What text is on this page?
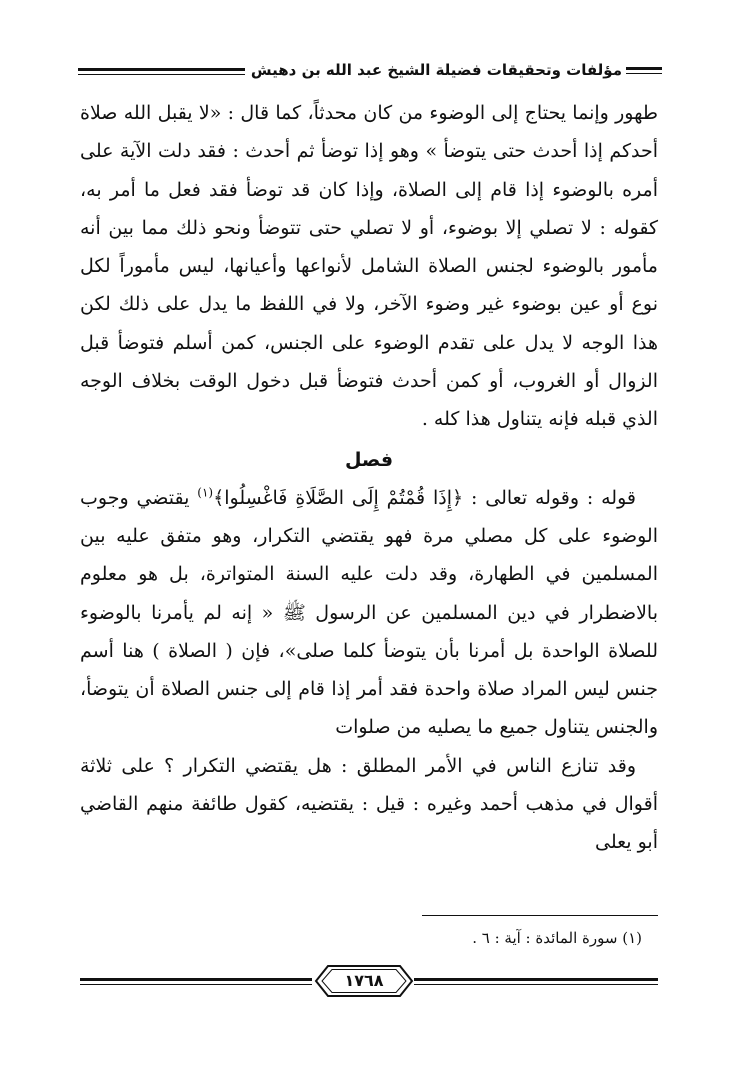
مؤلفات وتحقيقات فضيلة الشيخ عبد الله بن دهيش

طهور وإنما يحتاج إلى الوضوء من كان محدثاً، كما قال : «لا يقبل الله صلاة أحدكم إذا أحدث حتى يتوضأ » وهو إذا توضأ ثم أحدث : فقد دلت الآية على أمره بالوضوء إذا قام إلى الصلاة، وإذا كان قد توضأ فقد فعل ما أمر به، كقوله : لا تصلي إلا بوضوء، أو لا تصلي حتى تتوضأ ونحو ذلك مما بين أنه مأمور بالوضوء لجنس الصلاة الشامل لأنواعها وأعيانها، ليس مأموراً لكل نوع أو عين بوضوء غير وضوء الآخر، ولا في اللفظ ما يدل على ذلك لكن هذا الوجه لا يدل على تقدم الوضوء على الجنس، كمن أسلم فتوضأ قبل الزوال أو الغروب، أو كمن أحدث فتوضأ قبل دخول الوقت بخلاف الوجه الذي قبله فإنه يتناول هذا كله .

فصل

قوله : وقوله تعالى : ﴿إِذَا قُمْتُمْ إِلَى الصَّلَاةِ فَاغْسِلُوا﴾$^{(١)}$ يقتضي وجوب الوضوء على كل مصلي مرة فهو يقتضي التكرار، وهو متفق عليه بين المسلمين في الطهارة، وقد دلت عليه السنة المتواترة، بل هو معلوم بالاضطرار في دين المسلمين عن الرسول ﷺ « إنه لم يأمرنا بالوضوء للصلاة الواحدة بل أمرنا بأن يتوضأ كلما صلى»، فإن ( الصلاة ) هنا أسم جنس ليس المراد صلاة واحدة فقد أمر إذا قام إلى جنس الصلاة أن يتوضأ، والجنس يتناول جميع ما يصليه من صلوات

وقد تنازع الناس في الأمر المطلق : هل يقتضي التكرار ؟ على ثلاثة أقوال في مذهب أحمد وغيره : قيل : يقتضيه، كقول طائفة منهم القاضي أبو يعلى

(١) سورة المائدة : آية : ٦ .
١٧٦٨
